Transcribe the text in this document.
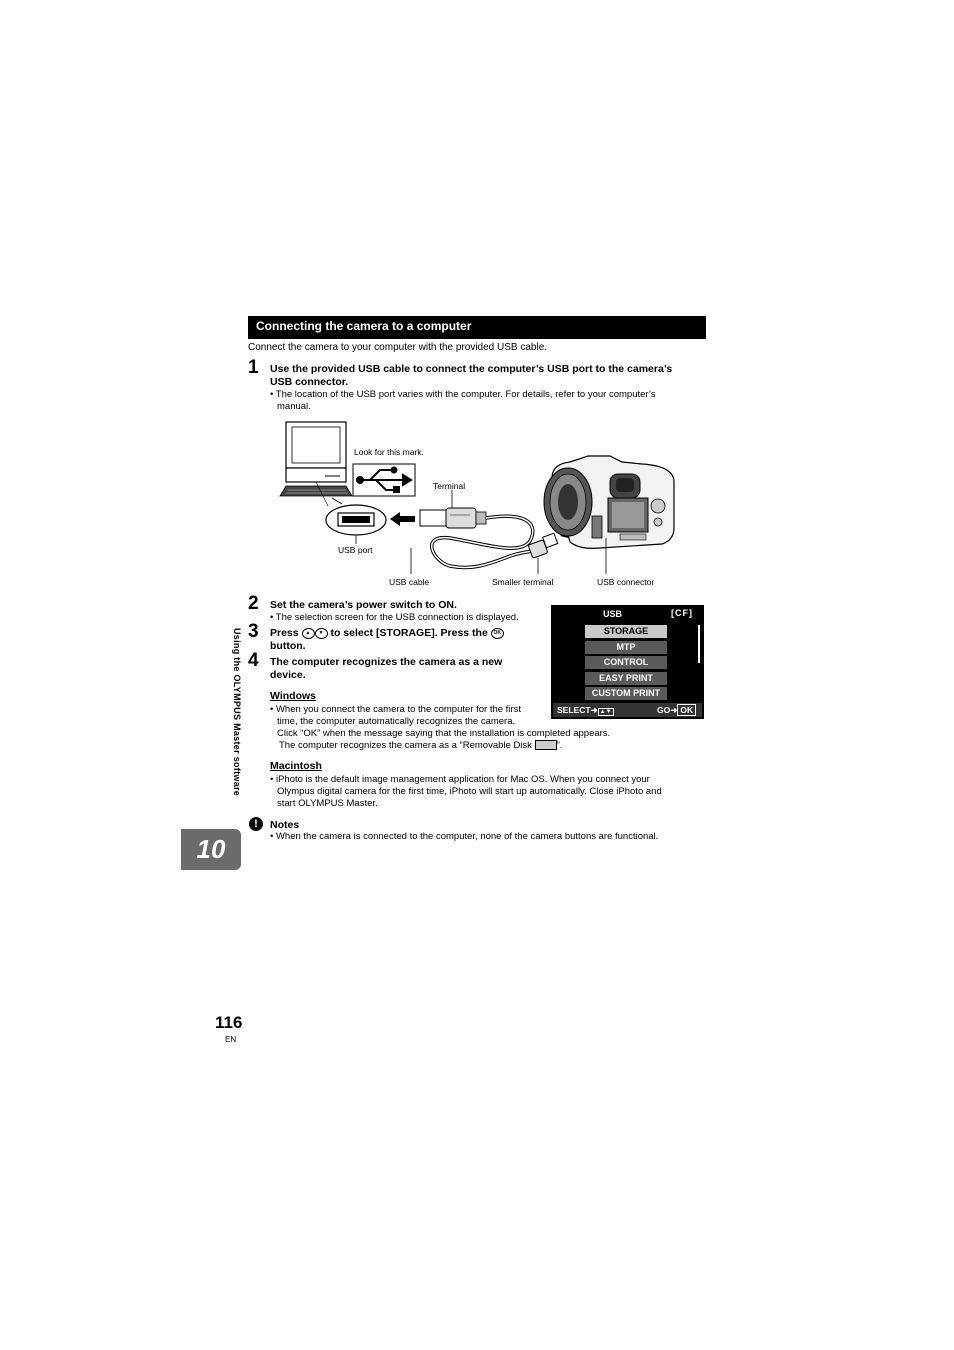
Connecting the camera to a computer
Connect the camera to your computer with the provided USB cable.
1 Use the provided USB cable to connect the computer’s USB port to the camera’s
USB connector.
• The location of the USB port varies with the computer. For details, refer to your computer’s
manual.
Look for this mark.
Terminal
USB port
USB cable	Smaller terminal	USB connector
2 Set the camera’s power switch to ON.
• The selection screen for the USB connection is displayed.
3 Press ▲ ▼ to select [STORAGE]. Press the OK
button.
4 The computer recognizes the camera as a new
device.
USB	[CF]
STORAGE
MTP
CONTROL
EASY PRINT
CUSTOM PRINT
SELECT➜ ▲▼	GO➜ OK
Windows
• When you connect the camera to the computer for the first
time, the computer automatically recognizes the camera.
Click “OK” when the message saying that the installation is completed appears.
The computer recognizes the camera as a “Removable Disk	”.
Macintosh
• iPhoto is the default image management application for Mac OS. When you connect your
Olympus digital camera for the first time, iPhoto will start up automatically. Close iPhoto and
start OLYMPUS Master.
!	Notes
• When the camera is connected to the computer, none of the camera buttons are functional.
Using the OLYMPUS Master software
10
116
EN
